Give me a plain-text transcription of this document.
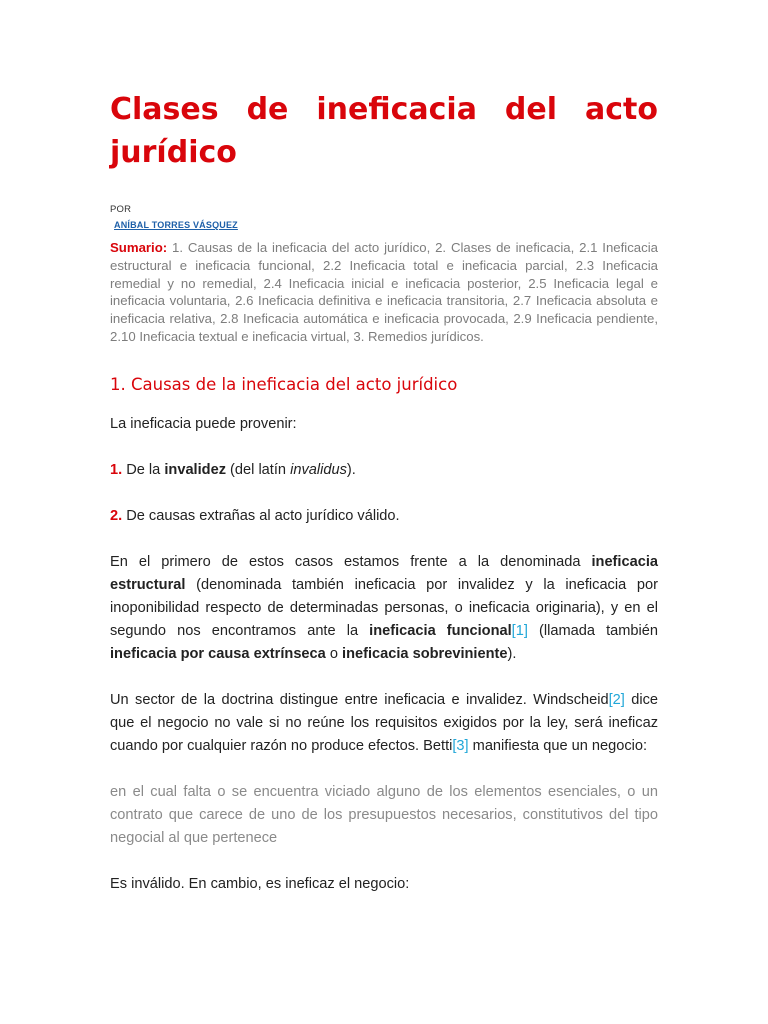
Clases de ineficacia del acto jurídico
POR
ANÍBAL TORRES VÁSQUEZ
Sumario: 1. Causas de la ineficacia del acto jurídico, 2. Clases de ineficacia, 2.1 Ineficacia estructural e ineficacia funcional, 2.2 Ineficacia total e ineficacia parcial, 2.3 Ineficacia remedial y no remedial, 2.4 Ineficacia inicial e ineficacia posterior, 2.5 Ineficacia legal e ineficacia voluntaria, 2.6 Ineficacia definitiva e ineficacia transitoria, 2.7 Ineficacia absoluta e ineficacia relativa, 2.8 Ineficacia automática e ineficacia provocada, 2.9 Ineficacia pendiente, 2.10 Ineficacia textual e ineficacia virtual, 3. Remedios jurídicos.
1. Causas de la ineficacia del acto jurídico

La ineficacia puede provenir:

1. De la invalidez (del latín invalidus).

2. De causas extrañas al acto jurídico válido.

En el primero de estos casos estamos frente a la denominada ineficacia estructural (denominada también ineficacia por invalidez y la ineficacia por inoponibilidad respecto de determinadas personas, o ineficacia originaria), y en el segundo nos encontramos ante la ineficacia funcional[1] (llamada también ineficacia por causa extrínseca o ineficacia sobreviniente).

Un sector de la doctrina distingue entre ineficacia e invalidez. Windscheid[2] dice que el negocio no vale si no reúne los requisitos exigidos por la ley, será ineficaz cuando por cualquier razón no produce efectos. Betti[3] manifiesta que un negocio:

en el cual falta o se encuentra viciado alguno de los elementos esenciales, o un contrato que carece de uno de los presupuestos necesarios, constitutivos del tipo negocial al que pertenece

Es inválido. En cambio, es ineficaz el negocio:
